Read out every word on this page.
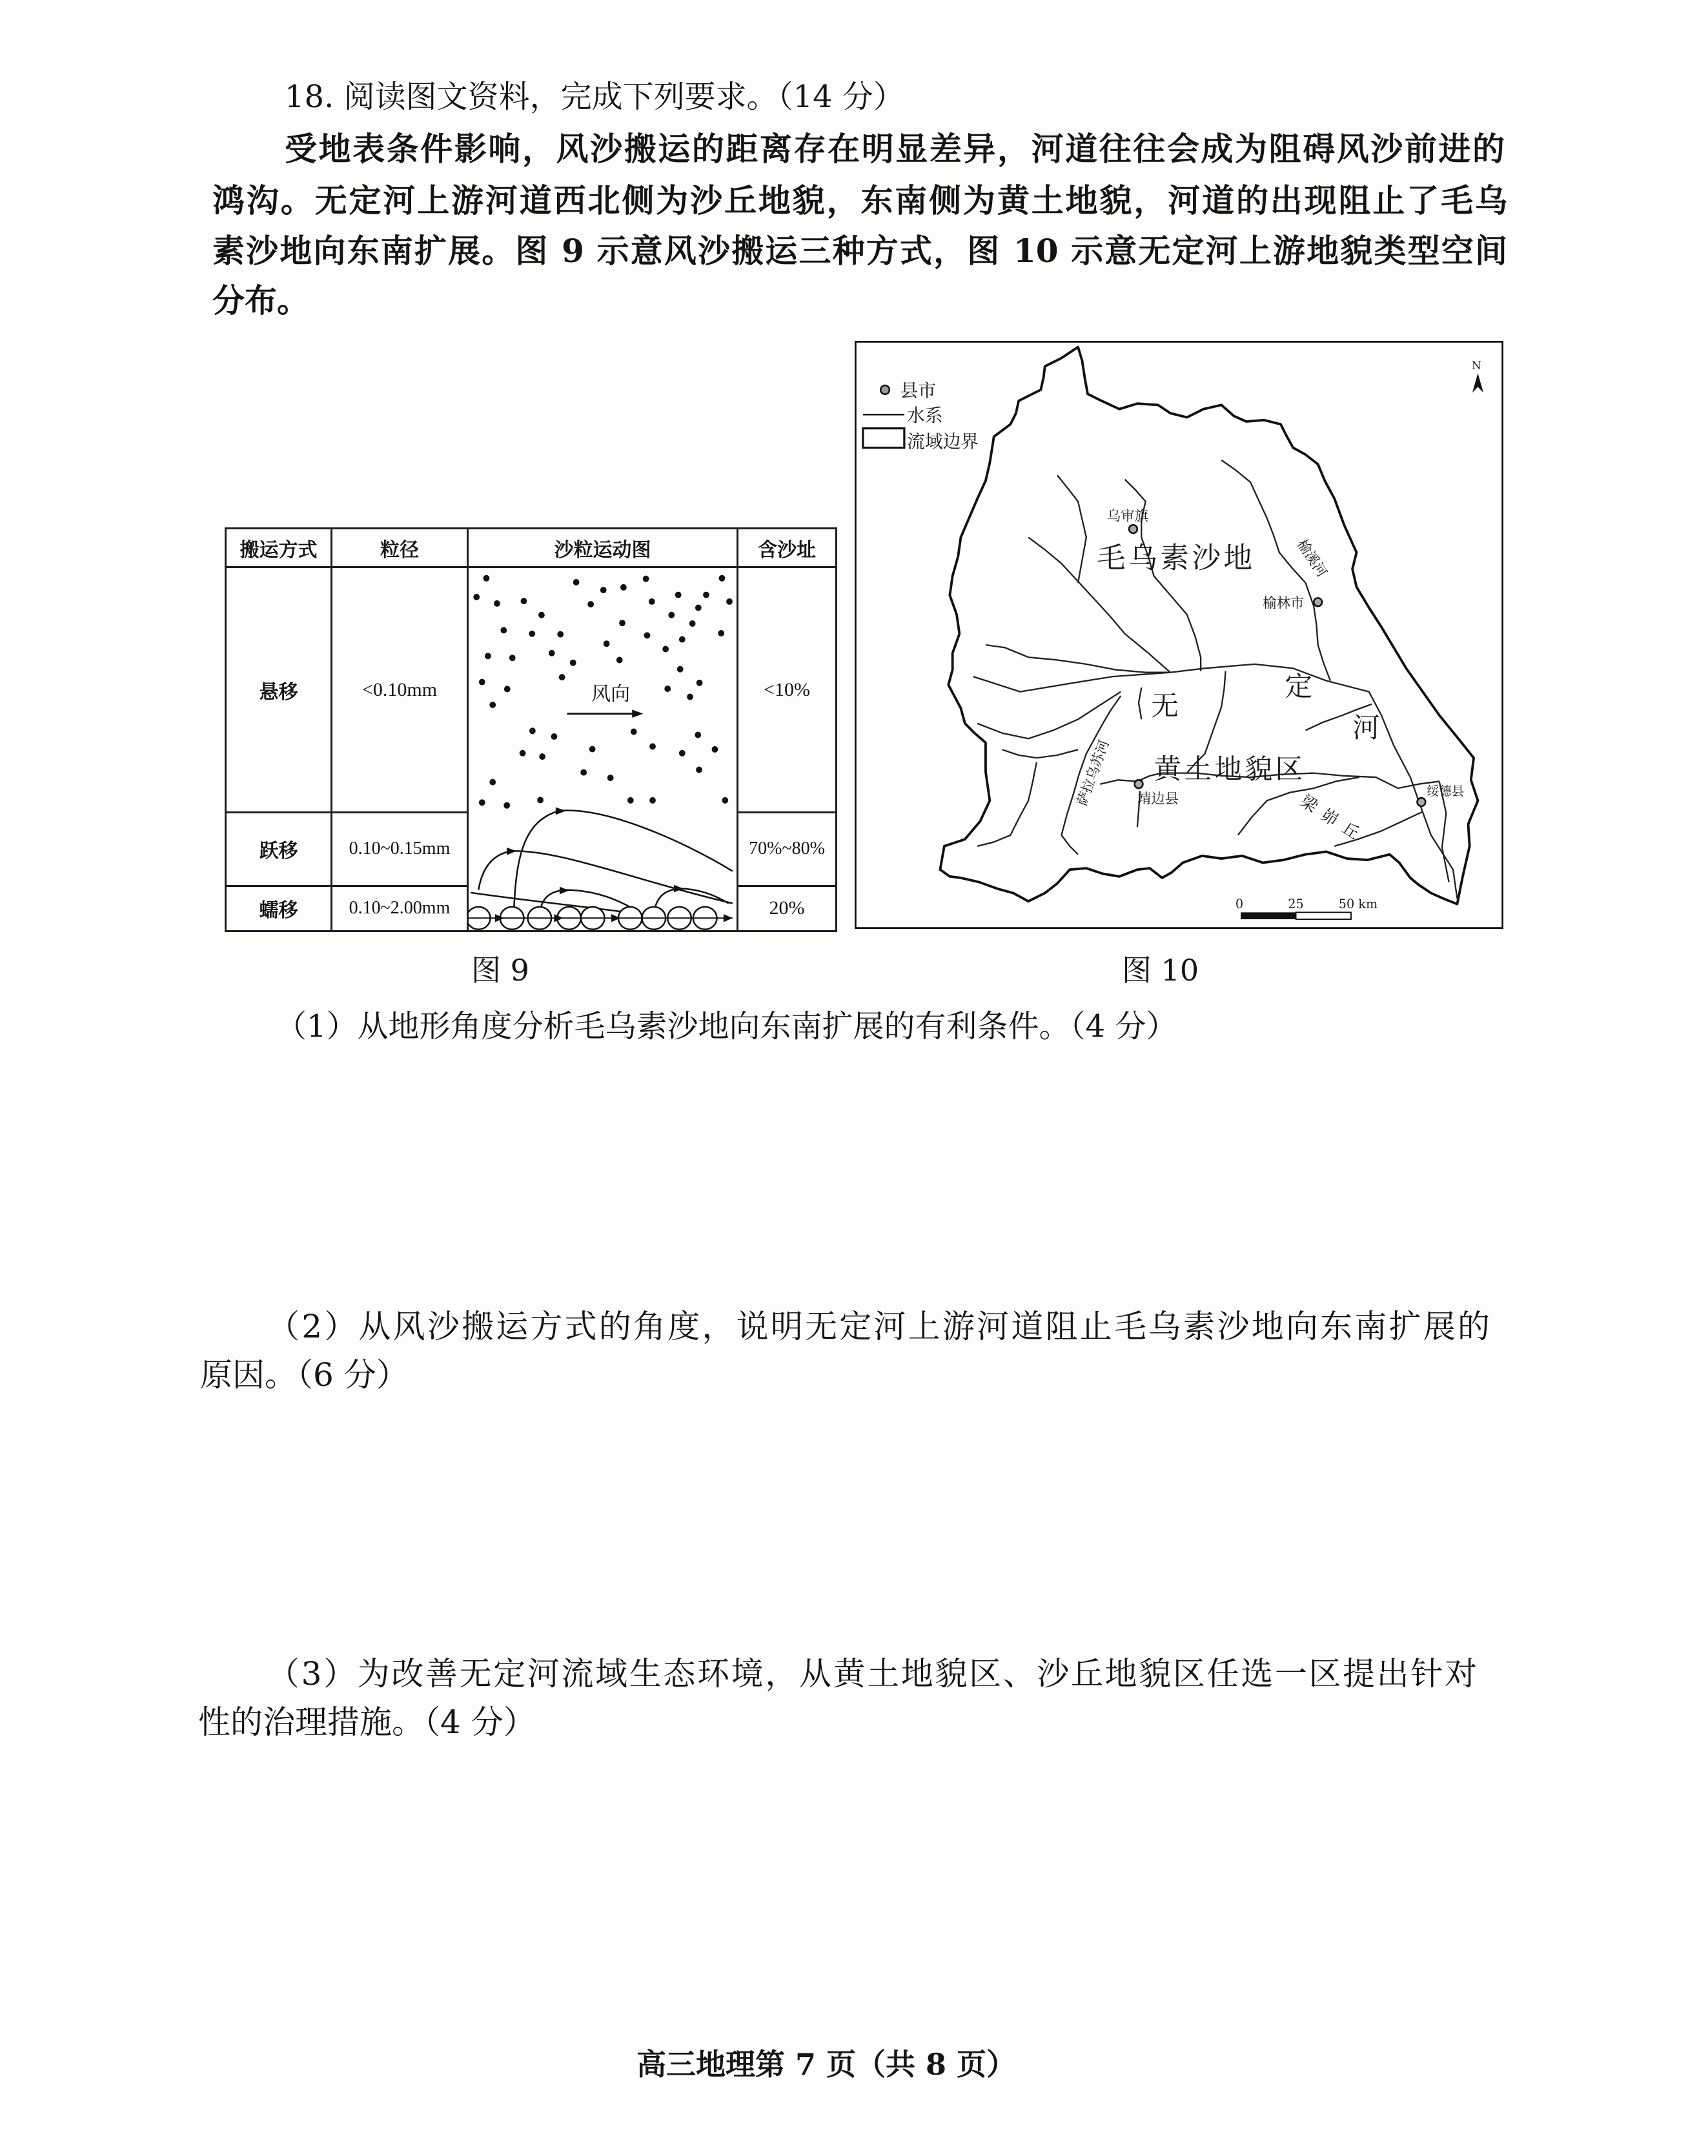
18. 阅读图文资料，完成下列要求。（14 分）
受地表条件影响，风沙搬运的距离存在明显差异，河道往往会成为阻碍风沙前进的
鸿沟。无定河上游河道西北侧为沙丘地貌，东南侧为黄土地貌，河道的出现阻止了毛乌
素沙地向东南扩展。图 9 示意风沙搬运三种方式，图 10 示意无定河上游地貌类型空间
分布。
搬运方式	粒径	沙粒运动图	含沙址
悬移	<0.10mm	风向	<10%
跃移	0.10~0.15mm		70%~80%
蠕移	0.10~2.00mm		20%
县市
水系
流域边界
N
乌审旗
榆林市
靖边县
绥德县
毛乌素沙地
黄土地貌区
无
定
河
榆溪河
萨拉乌苏河
梁峁丘
0	25	50 km
图 9	图 10
（1）从地形角度分析毛乌素沙地向东南扩展的有利条件。（4 分）
（2）从风沙搬运方式的角度，说明无定河上游河道阻止毛乌素沙地向东南扩展的
原因。（6 分）
（3）为改善无定河流域生态环境，从黄土地貌区、沙丘地貌区任选一区提出针对
性的治理措施。（4 分）
高三地理第 7 页（共 8 页）
